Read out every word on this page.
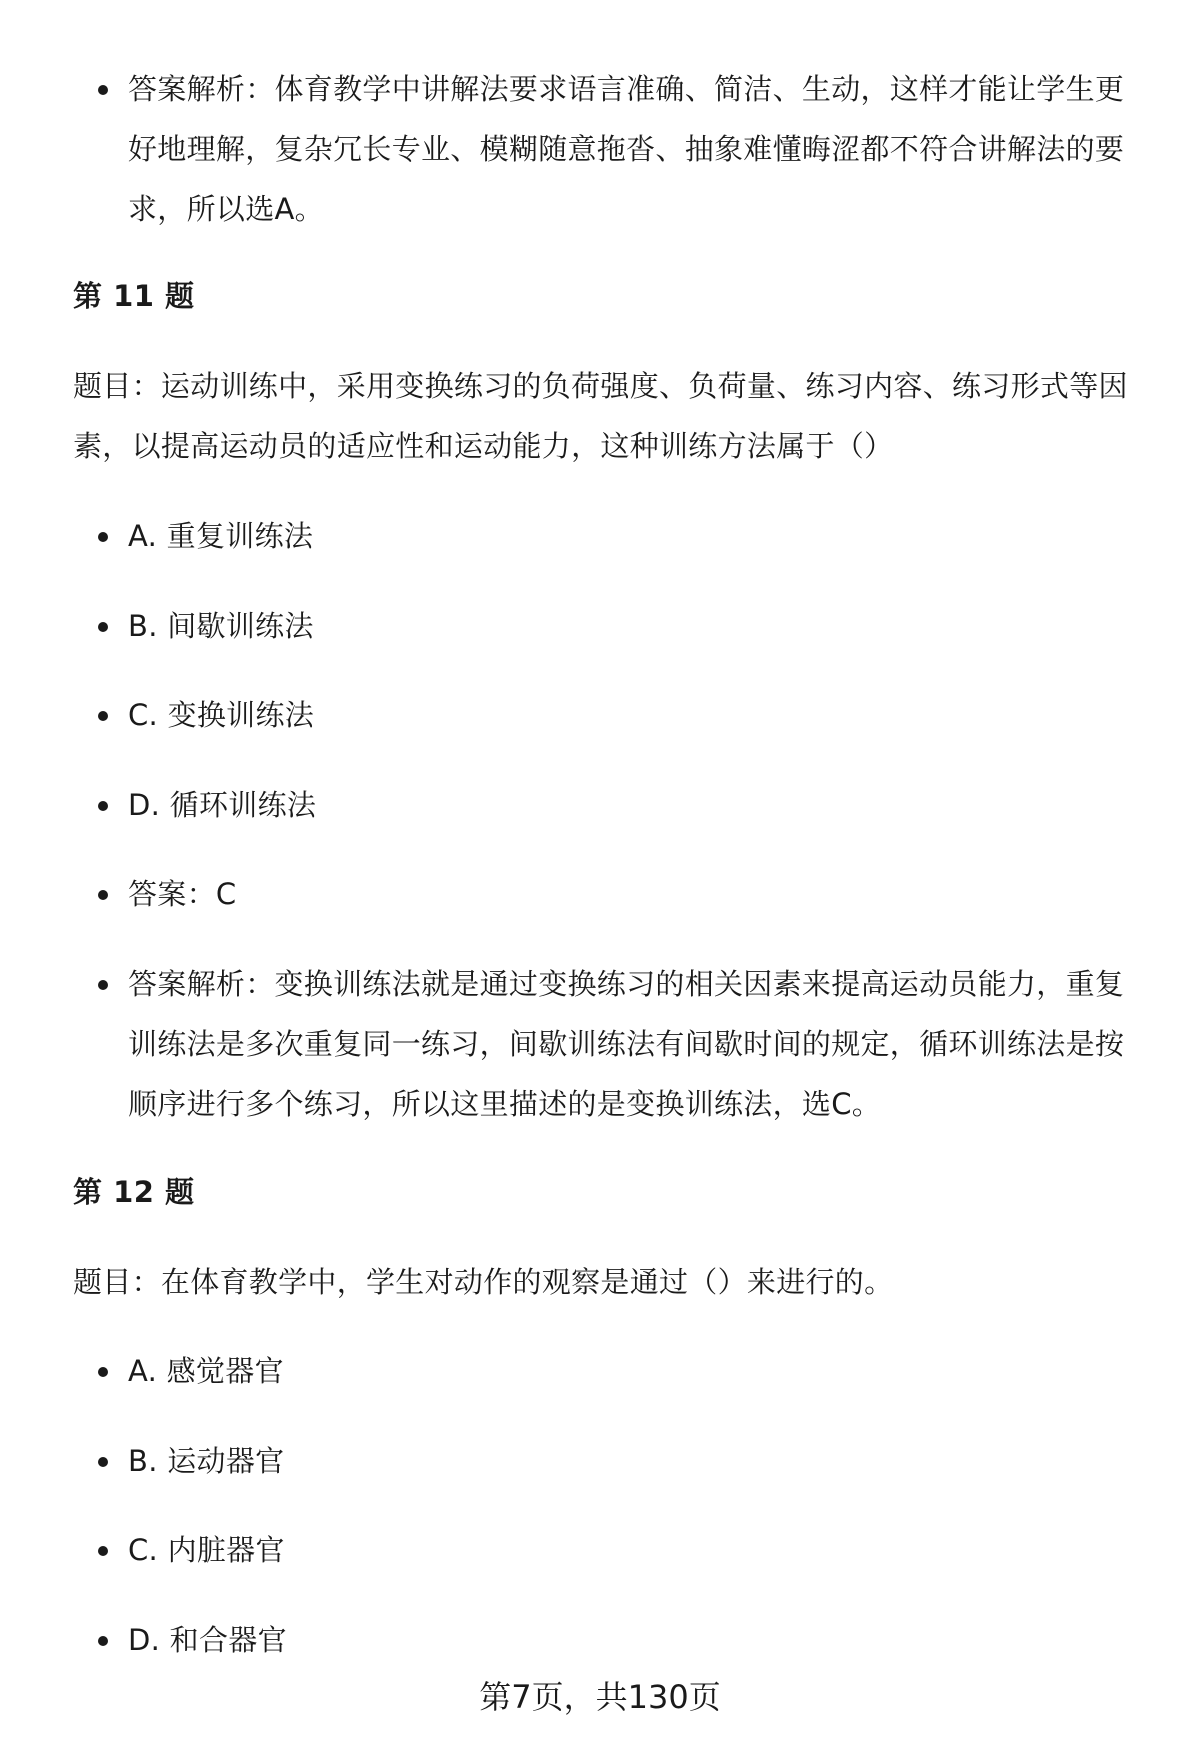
答案解析：体育教学中讲解法要求语言准确、简洁、生动，这样才能让学生更好地理解，复杂冗长专业、模糊随意拖沓、抽象难懂晦涩都不符合讲解法的要求，所以选A。
第 11 题
题目：运动训练中，采用变换练习的负荷强度、负荷量、练习内容、练习形式等因素，以提高运动员的适应性和运动能力，这种训练方法属于（）
A. 重复训练法
B. 间歇训练法
C. 变换训练法
D. 循环训练法
答案：C
答案解析：变换训练法就是通过变换练习的相关因素来提高运动员能力，重复训练法是多次重复同一练习，间歇训练法有间歇时间的规定，循环训练法是按顺序进行多个练习，所以这里描述的是变换训练法，选C。
第 12 题
题目：在体育教学中，学生对动作的观察是通过（）来进行的。
A. 感觉器官
B. 运动器官
C. 内脏器官
D. 和合器官
第7页，共130页
